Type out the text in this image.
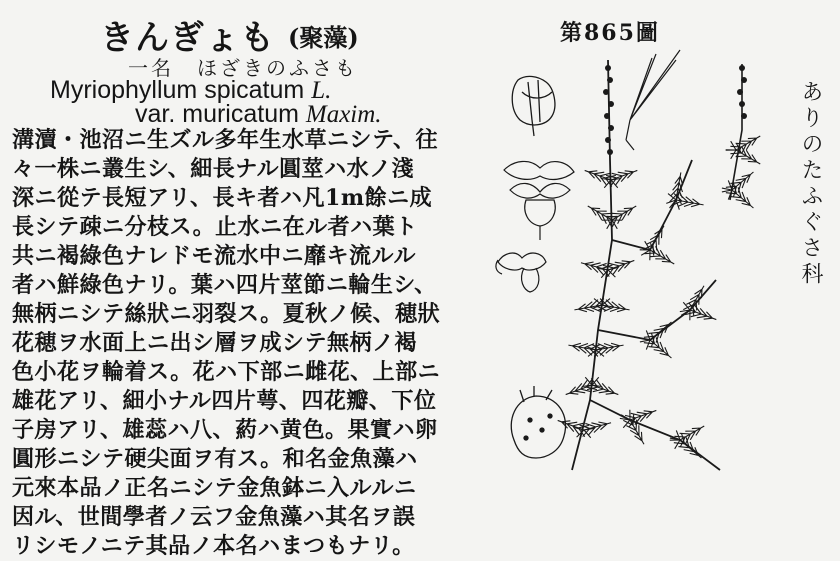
きんぎょも (聚藻)
一名　ほざきのふさも
Myriophyllum spicatum L.
var. muricatum Maxim.
溝瀆・池沼ニ生ズル多年生水草ニシテ、往
々一株ニ叢生シ、細長ナル圓莖ハ水ノ淺
深ニ從テ長短アリ、長キ者ハ凡1m餘ニ成
長シテ疎ニ分枝ス。止水ニ在ル者ハ葉ト
共ニ褐綠色ナレドモ流水中ニ靡キ流ルル
者ハ鮮綠色ナリ。葉ハ四片莖節ニ輪生シ、
無柄ニシテ絲狀ニ羽裂ス。夏秋ノ候、穂狀
花穂ヲ水面上ニ出シ層ヲ成シテ無柄ノ褐
色小花ヲ輪着ス。花ハ下部ニ雌花、上部ニ
雄花アリ、細小ナル四片萼、四花瓣、下位
子房アリ、雄蕊ハ八、葯ハ黄色。果實ハ卵
圓形ニシテ硬尖面ヲ有ス。和名金魚藻ハ
元來本品ノ正名ニシテ金魚鉢ニ入ルルニ
因ル、世間學者ノ云フ金魚藻ハ其名ヲ誤
リシモノニテ其品ノ本名ハまつもナリ。
第865圖
ありのたふぐさ科
